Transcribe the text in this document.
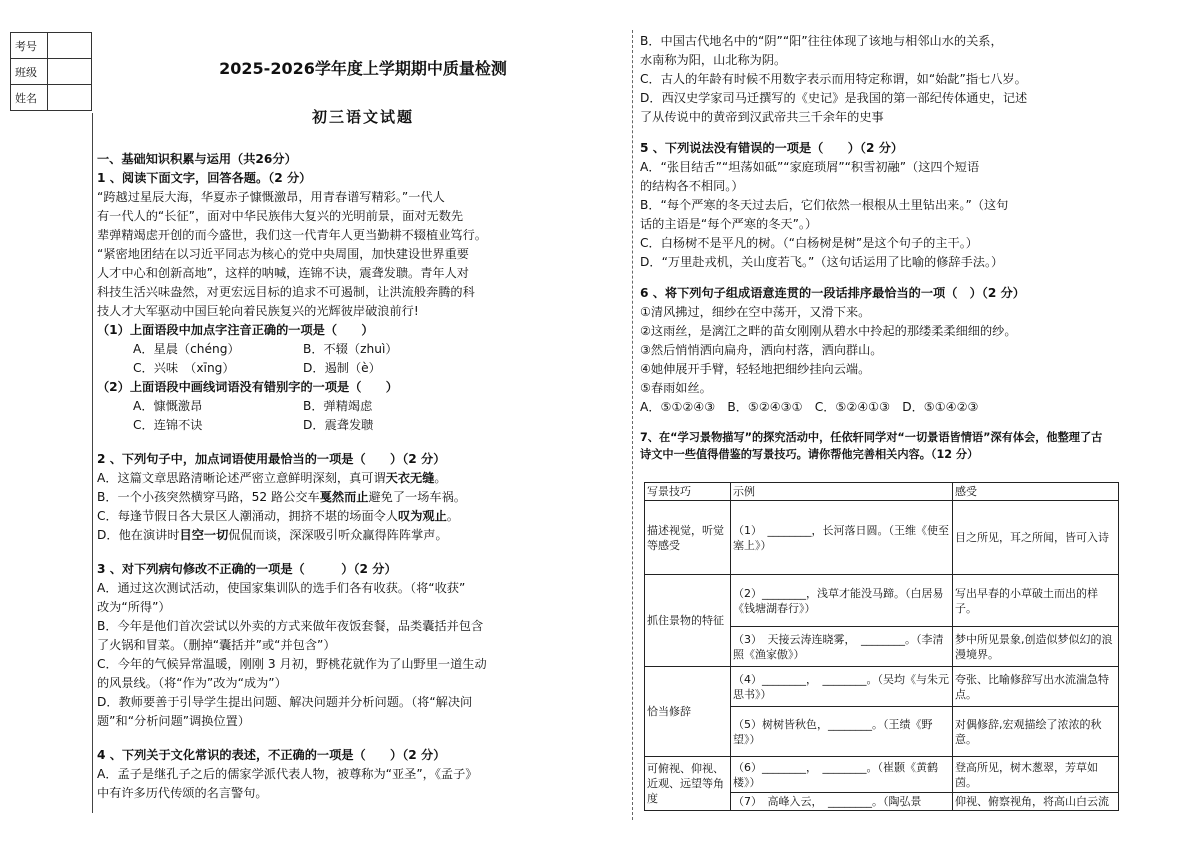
考号	
班级	
姓名	
2025-2026学年度上学期期中质量检测
初三语文试题

一、基础知识积累与运用（共26分）

1 、阅读下面文字，回答各题。（2 分）

“跨越过星辰大海，华夏赤子慷慨激昂，用青春谱写精彩。”一代人

有一代人的“长征”，面对中华民族伟大复兴的光明前景，面对无数先

辈弹精竭虑开创的而今盛世，我们这一代青年人更当勤耕不辍植业笃行。

“紧密地团结在以习近平同志为核心的党中央周围，加快建设世界重要

人才中心和创新高地”，这样的呐喊，连锦不诀，震聋发聩。青年人对

科技生活兴味盎然，对更宏远目标的追求不可遏制，让洪流般奔腾的科

技人才大军驱动中国巨轮向着民族复兴的光辉彼岸破浪前行!

（1）上面语段中加点字注音正确的一项是（　　）

A．星晨（chéng）	B．不辍（zhuì）
C．兴味　（xīng）	D．遏制（è）

（2）上面语段中画线词语没有错别字的一项是（　　）

A．慷慨激昂	B．弹精竭虑
C．连锦不诀	D．震聋发聩

2 、下列句子中，加点词语使用最恰当的一项是（　　）（2 分）

A．这篇文章思路清晰论述严密立意鲜明深刻，真可谓天衣无缝。

B．一个小孩突然横穿马路，52 路公交车戛然而止避免了一场车祸。

C．每逢节假日各大景区人潮涌动，拥挤不堪的场面令人叹为观止。

D．他在演讲时目空一切侃侃而谈，深深吸引听众赢得阵阵掌声。

3 、对下列病句修改不正确的一项是（　　　）（2 分）

A．通过这次测试活动，使国家集训队的选手们各有收获。（将“收获”

改为“所得”）

B．今年是他们首次尝试以外卖的方式来做年夜饭套餐，品类囊括并包含

了火锅和冒菜。（删掉“囊括并”或“并包含”）

C．今年的气候异常温暖，刚刚 3 月初，野桃花就作为了山野里一道生动

的风景线。（将“作为”改为“成为”）

D．教师要善于引导学生提出问题、解决问题并分析问题。（将“解决问

题”和“分析问题”调换位置）

4 、下列关于文化常识的表述，不正确的一项是（　　）（2 分）

A．孟子是继孔子之后的儒家学派代表人物，被尊称为“亚圣”，《孟子》

中有许多历代传颂的名言警句。

B．中国古代地名中的“阴”“阳”往往体现了该地与相邻山水的关系，

水南称为阳，山北称为阴。

C．古人的年龄有时候不用数字表示而用特定称谓，如“始龀”指七八岁。

D．西汉史学家司马迁撰写的《史记》是我国的第一部纪传体通史，记述

了从传说中的黄帝到汉武帝共三千余年的史事

5 、下列说法没有错误的一项是（　　）（2 分）

A．“张目结舌”“坦荡如砥”“家庭琐屑”“积雪初融”（这四个短语

的结构各不相同。）

B．“每个严寒的冬天过去后，它们依然一根根从土里钻出来。”（这句

话的主语是“每个严寒的冬天”。）

C．白杨树不是平凡的树。（“白杨树是树”是这个句子的主干。）

D．“万里赴戎机，关山度若飞。”（这句话运用了比喻的修辞手法。）

6 、将下列句子组成语意连贯的一段话排序最恰当的一项（　）（2 分）

①清风拂过，细纱在空中荡开，又滑下来。

②这雨丝，是漓江之畔的苗女刚刚从碧水中拎起的那缕柔柔细细的纱。

③然后悄悄洒向扁舟，洒向村落，洒向群山。

④她伸展开手臂，轻轻地把细纱挂向云端。

⑤春雨如丝。

A．⑤①②④③　B．⑤②④③①　C．⑤②④①③　D．⑤①④②③

7、在“学习景物描写”的探究活动中，任依轩同学对“一切景语皆情语”深有体会，他整理了古

诗文中一些值得借鉴的写景技巧。请你帮他完善相关内容。（12 分）

写景技巧	示例	感受
描述视觉，听觉等感受	（1）　________，长河落日圆。（王维《使至塞上》）	目之所见，耳之所闻，皆可入诗
抓住景物的特征	（2）________，浅草才能没马蹄。（白居易《钱塘湖春行》）	写出早春的小草破土而出的样子。
	（3）　天接云涛连晓雾，　________。（李清照《渔家傲》）	梦中所见景象,创造似梦似幻的浪漫境界。
恰当修辞	（4）________，　________。（吴均《与朱元思书》）	夸张、比喻修辞写出水流湍急特点。
	（5）树树皆秋色，________。（王绩《野望》）	对偶修辞,宏观描绘了浓浓的秋意。
可俯视、仰视、近观、远望等角度	（6）________，　________。（崔颢《黄鹤楼》）	登高所见，树木葱翠，芳草如茵。
	（7）　高峰入云，　________。（陶弘景	仰视、俯察视角，将高山白云流
